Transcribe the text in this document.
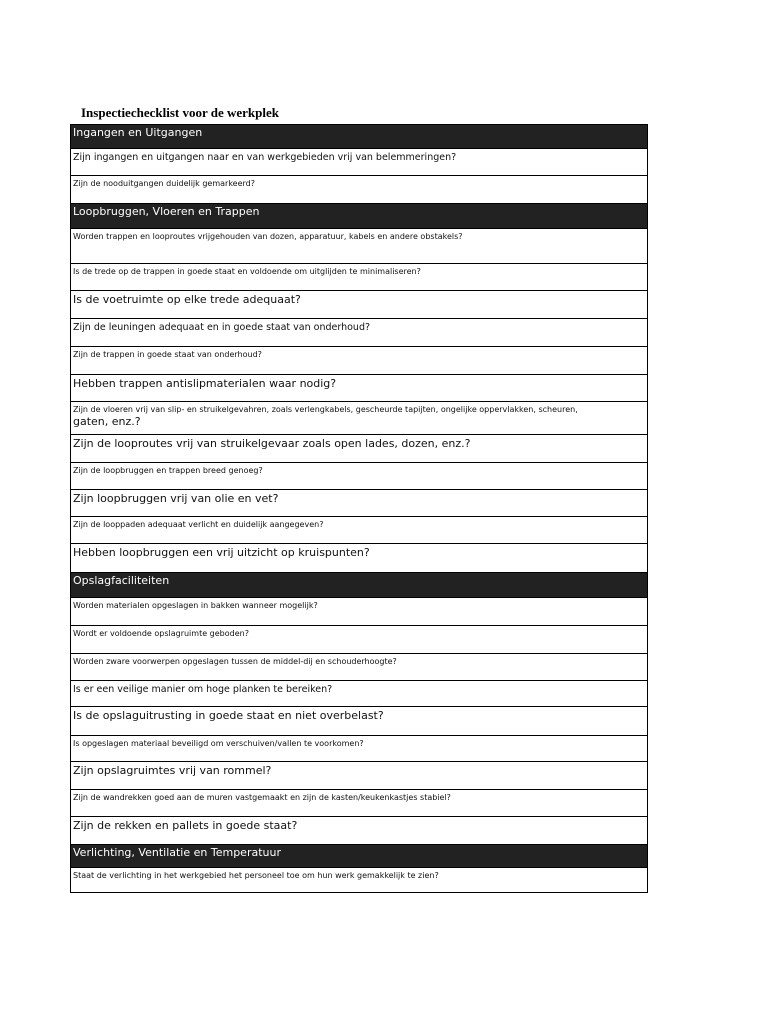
Inspectiechecklist voor de werkplek
Ingangen en Uitgangen
Zijn ingangen en uitgangen naar en van werkgebieden vrij van belemmeringen?
Zijn de nooduitgangen duidelijk gemarkeerd?
Loopbruggen, Vloeren en Trappen
Worden trappen en looproutes vrijgehouden van dozen, apparatuur, kabels en andere obstakels?
Is de trede op de trappen in goede staat en voldoende om uitglijden te minimaliseren?
Is de voetruimte op elke trede adequaat?
Zijn de leuningen adequaat en in goede staat van onderhoud?
Zijn de trappen in goede staat van onderhoud?
Hebben trappen antislipmaterialen waar nodig?
Zijn de vloeren vrij van slip- en struikelgevahren, zoals verlengkabels, gescheurde tapijten, ongelijke oppervlakken, scheuren,
gaten, enz.?
Zijn de looproutes vrij van struikelgevaar zoals open lades, dozen, enz.?
Zijn de loopbruggen en trappen breed genoeg?
Zijn loopbruggen vrij van olie en vet?
Zijn de looppaden adequaat verlicht en duidelijk aangegeven?
Hebben loopbruggen een vrij uitzicht op kruispunten?
Opslagfaciliteiten
Worden materialen opgeslagen in bakken wanneer mogelijk?
Wordt er voldoende opslagruimte geboden?
Worden zware voorwerpen opgeslagen tussen de middel-dij en schouderhoogte?
Is er een veilige manier om hoge planken te bereiken?
Is de opslaguitrusting in goede staat en niet overbelast?
Is opgeslagen materiaal beveiligd om verschuiven/vallen te voorkomen?
Zijn opslagruimtes vrij van rommel?
Zijn de wandrekken goed aan de muren vastgemaakt en zijn de kasten/keukenkastjes stabiel?
Zijn de rekken en pallets in goede staat?
Verlichting, Ventilatie en Temperatuur
Staat de verlichting in het werkgebied het personeel toe om hun werk gemakkelijk te zien?
